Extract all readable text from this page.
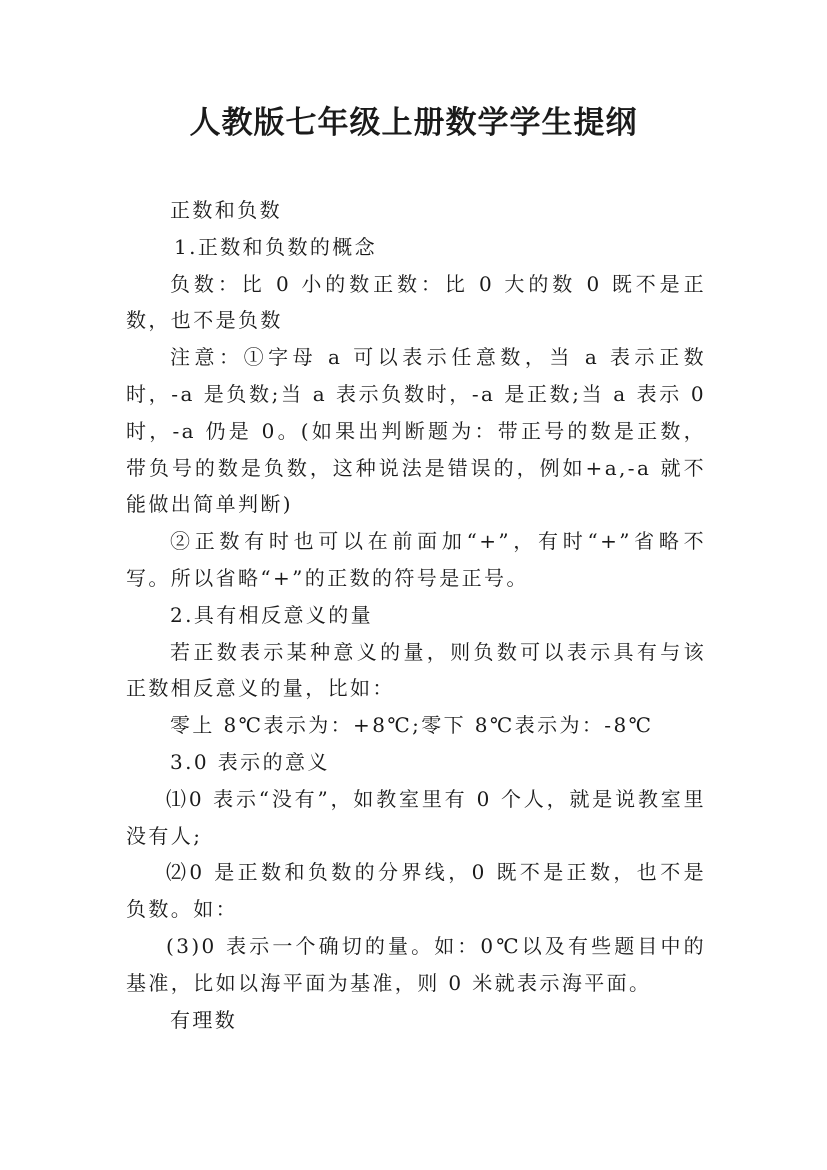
人教版七年级上册数学学生提纲

正数和负数

1.正数和负数的概念

负数：比 0 小的数正数：比 0 大的数 0 既不是正数，也不是负数

注意：①字母 a 可以表示任意数，当 a 表示正数时，-a 是负数;当 a 表示负数时，-a 是正数;当 a 表示 0 时，-a 仍是 0。(如果出判断题为：带正号的数是正数，带负号的数是负数，这种说法是错误的，例如+a,-a 就不能做出简单判断)

②正数有时也可以在前面加“+”，有时“+”省略不写。所以省略“+”的正数的符号是正号。

2.具有相反意义的量

若正数表示某种意义的量，则负数可以表示具有与该正数相反意义的量，比如：

零上 8℃表示为：+8℃;零下 8℃表示为：-8℃

3.0 表示的意义

⑴0 表示“没有”，如教室里有 0 个人，就是说教室里没有人;

⑵0 是正数和负数的分界线，0 既不是正数，也不是负数。如：

(3)0 表示一个确切的量。如：0℃以及有些题目中的基准，比如以海平面为基准，则 0 米就表示海平面。

有理数
